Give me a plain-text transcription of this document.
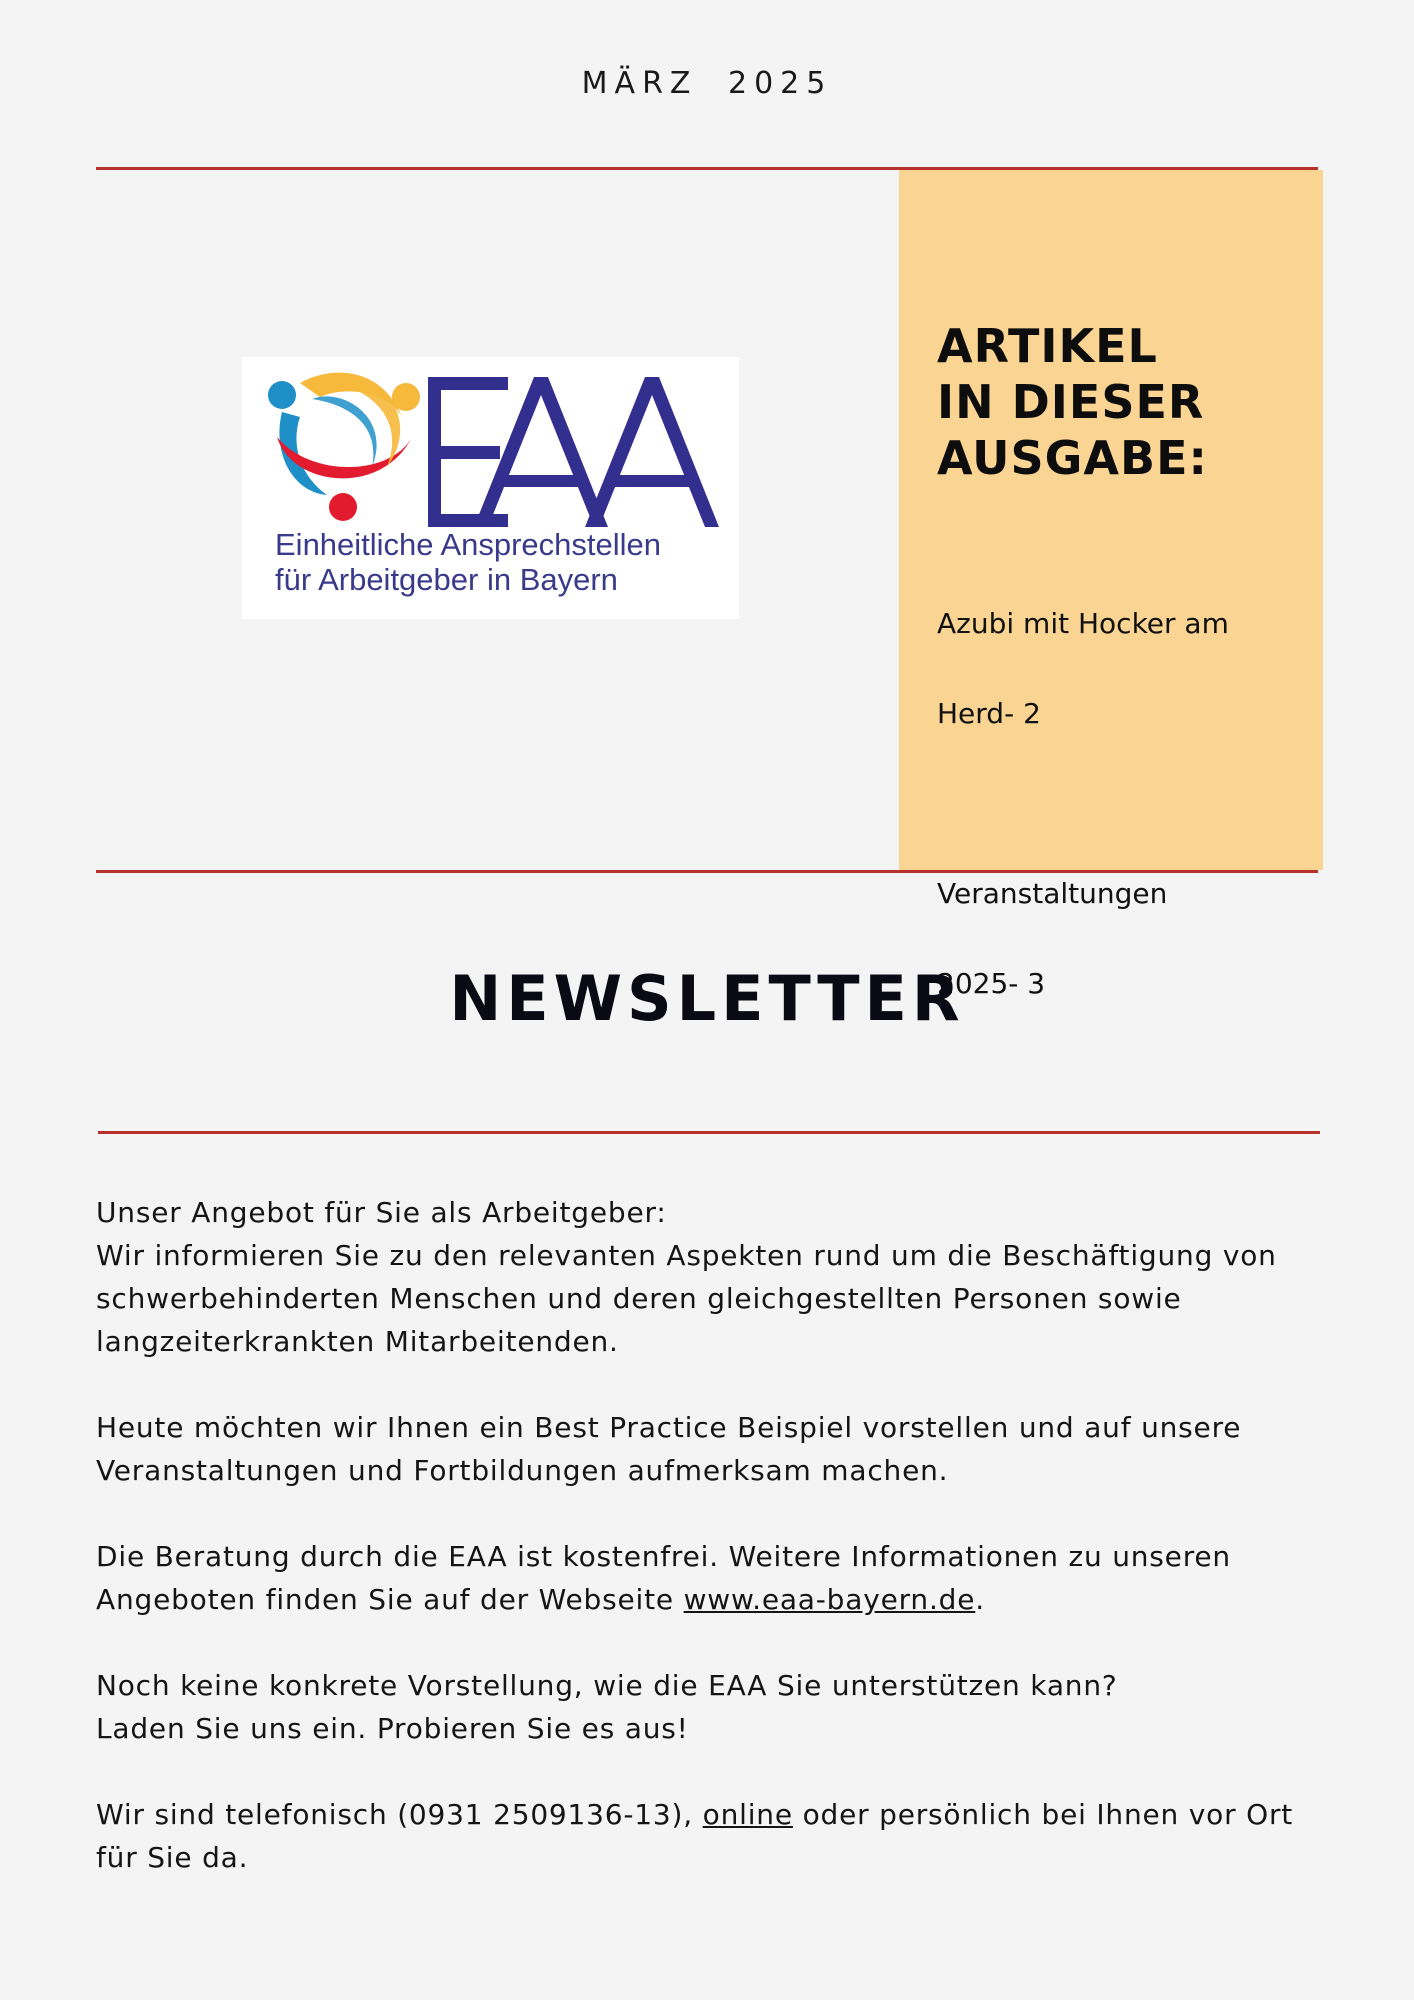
MÄRZ 2025
Einheitliche Ansprechstellen
für Arbeitgeber in Bayern
ARTIKEL
IN DIESER
AUSGABE:

Azubi mit Hocker am

Herd- 2

Veranstaltungen

2025- 3

NEWSLETTER

Unser Angebot für Sie als Arbeitgeber:
Wir informieren Sie zu den relevanten Aspekten rund um die Beschäftigung von schwerbehinderten Menschen und deren gleichgestellten Personen sowie langzeiterkrankten Mitarbeitenden.

Heute möchten wir Ihnen ein Best Practice Beispiel vorstellen und auf unsere Veranstaltungen und Fortbildungen aufmerksam machen.

Die Beratung durch die EAA ist kostenfrei. Weitere Informationen zu unseren Angeboten finden Sie auf der Webseite www.eaa-bayern.de.

Noch keine konkrete Vorstellung, wie die EAA Sie unterstützen kann?
Laden Sie uns ein. Probieren Sie es aus!

Wir sind telefonisch (0931 2509136-13), online oder persönlich bei Ihnen vor Ort für Sie da.
